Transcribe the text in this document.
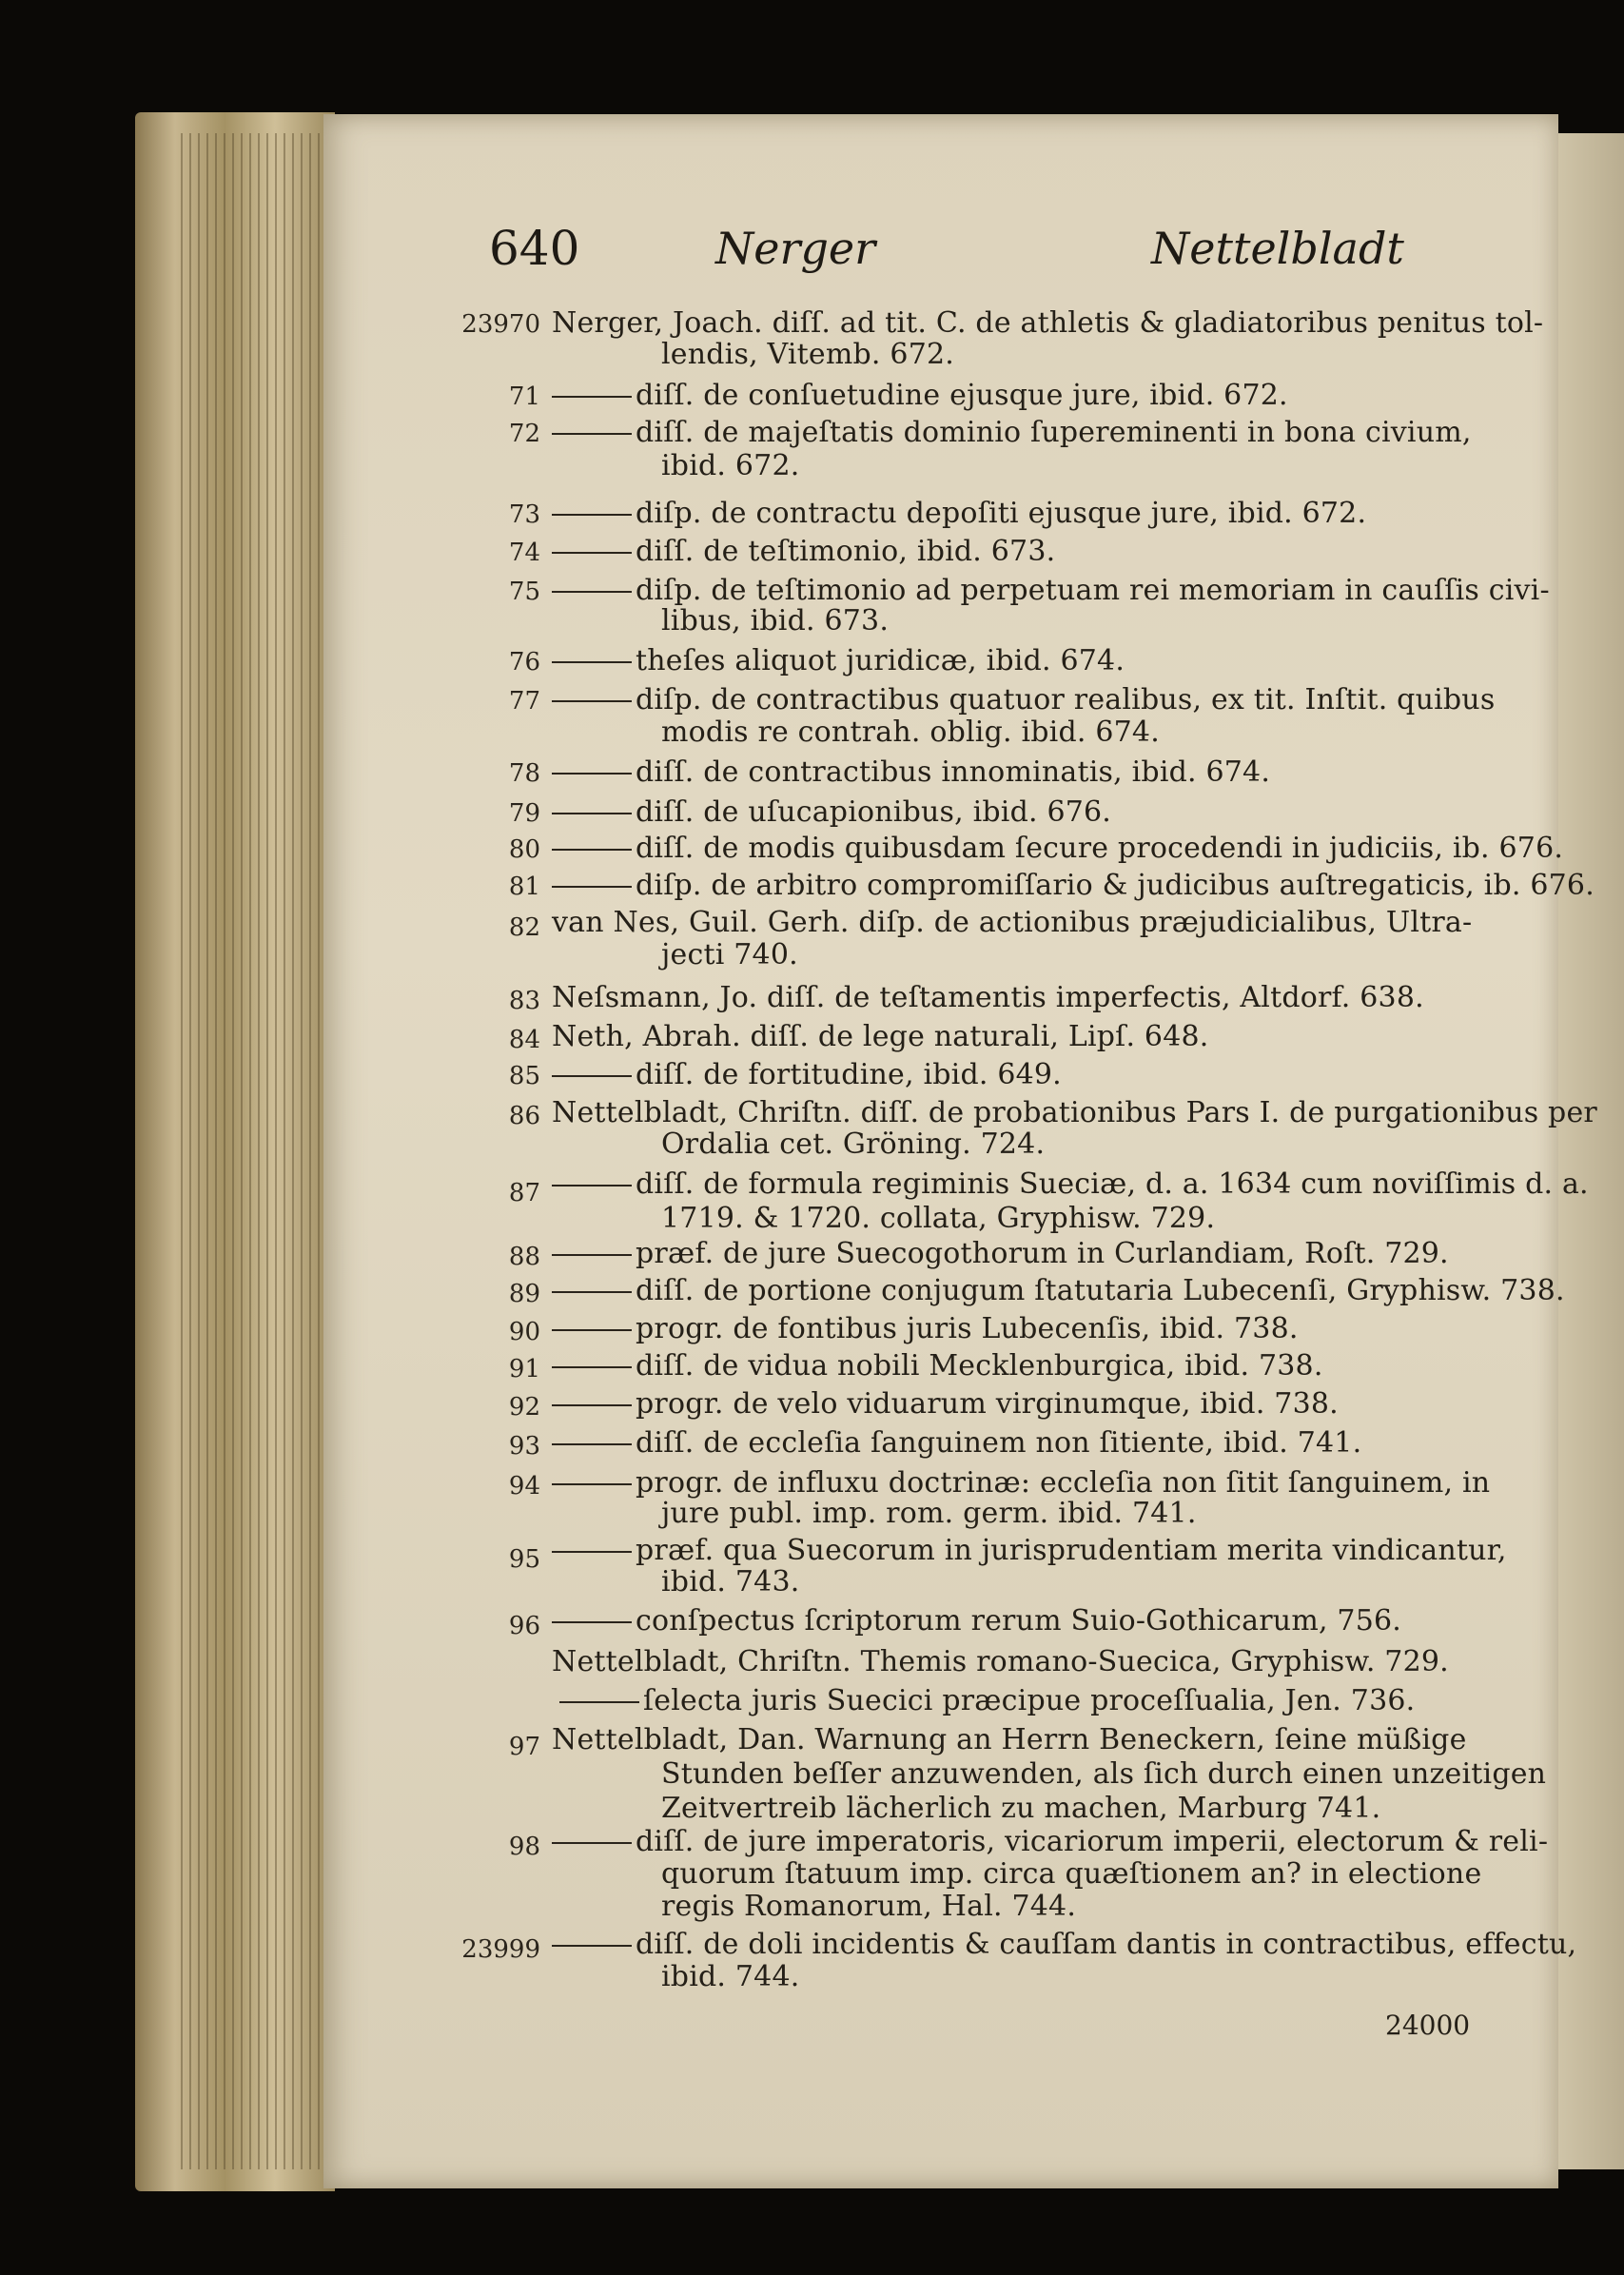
640	Nerger	Nettelbladt
23970 Nerger, Joach. diſſ. ad tit. C. de athletis & gladiatoribus penitus tol-
lendis, Vitemb. 672.
71	diſſ. de conſuetudine ejusque jure, ibid. 672.
72	diſſ. de majeſtatis dominio ſupereminenti in bona civium,
ibid. 672.
73	diſp. de contractu depoſiti ejusque jure, ibid. 672.
74	diſſ. de teſtimonio, ibid. 673.
75	diſp. de teſtimonio ad perpetuam rei memoriam in cauſſis civi-
libus, ibid. 673.
76	theſes aliquot juridicæ, ibid. 674.
77	diſp. de contractibus quatuor realibus, ex tit. Inſtit. quibus
modis re contrah. oblig. ibid. 674.
78	diſſ. de contractibus innominatis, ibid. 674.
79	diſſ. de uſucapionibus, ibid. 676.
80	diſſ. de modis quibusdam ſecure procedendi in judiciis, ib. 676.
81	diſp. de arbitro compromiſſario & judicibus auſtregaticis, ib. 676.
82 van Nes, Guil. Gerh. diſp. de actionibus præjudicialibus, Ultra-
jecti 740.
83 Neſsmann, Jo. diſſ. de teſtamentis imperfectis, Altdorf. 638.
84 Neth, Abrah. diſſ. de lege naturali, Lipſ. 648.
85	diſſ. de fortitudine, ibid. 649.
86 Nettelbladt, Chriſtn. diſſ. de probationibus Pars I. de purgationibus per
Ordalia cet. Gröning. 724.
87	diſſ. de formula regiminis Sueciæ, d. a. 1634 cum noviſſimis d. a.
1719. & 1720. collata, Gryphisw. 729.
88	præf. de jure Suecogothorum in Curlandiam, Roſt. 729.
89	diſſ. de portione conjugum ſtatutaria Lubecenſi, Gryphisw. 738.
90	progr. de fontibus juris Lubecenſis, ibid. 738.
91	diſſ. de vidua nobili Mecklenburgica, ibid. 738.
92	progr. de velo viduarum virginumque, ibid. 738.
93	diſſ. de eccleſia ſanguinem non ſitiente, ibid. 741.
94	progr. de influxu doctrinæ: eccleſia non ſitit ſanguinem, in
jure publ. imp. rom. germ. ibid. 741.
95	præf. qua Suecorum in jurisprudentiam merita vindicantur,
ibid. 743.
96	conſpectus ſcriptorum rerum Suio-Gothicarum, 756.
Nettelbladt, Chriſtn. Themis romano-Suecica, Gryphisw. 729.
ſelecta juris Suecici præcipue proceſſualia, Jen. 736.
97 Nettelbladt, Dan. Warnung an Herrn Beneckern, ſeine müßige
Stunden beſſer anzuwenden, als ſich durch einen unzeitigen
Zeitvertreib lächerlich zu machen, Marburg 741.
98	diſſ. de jure imperatoris, vicariorum imperii, electorum & reli-
quorum ſtatuum imp. circa quæſtionem an? in electione
regis Romanorum, Hal. 744.
23999	diſſ. de doli incidentis & cauſſam dantis in contractibus, effectu,
ibid. 744.
24000
